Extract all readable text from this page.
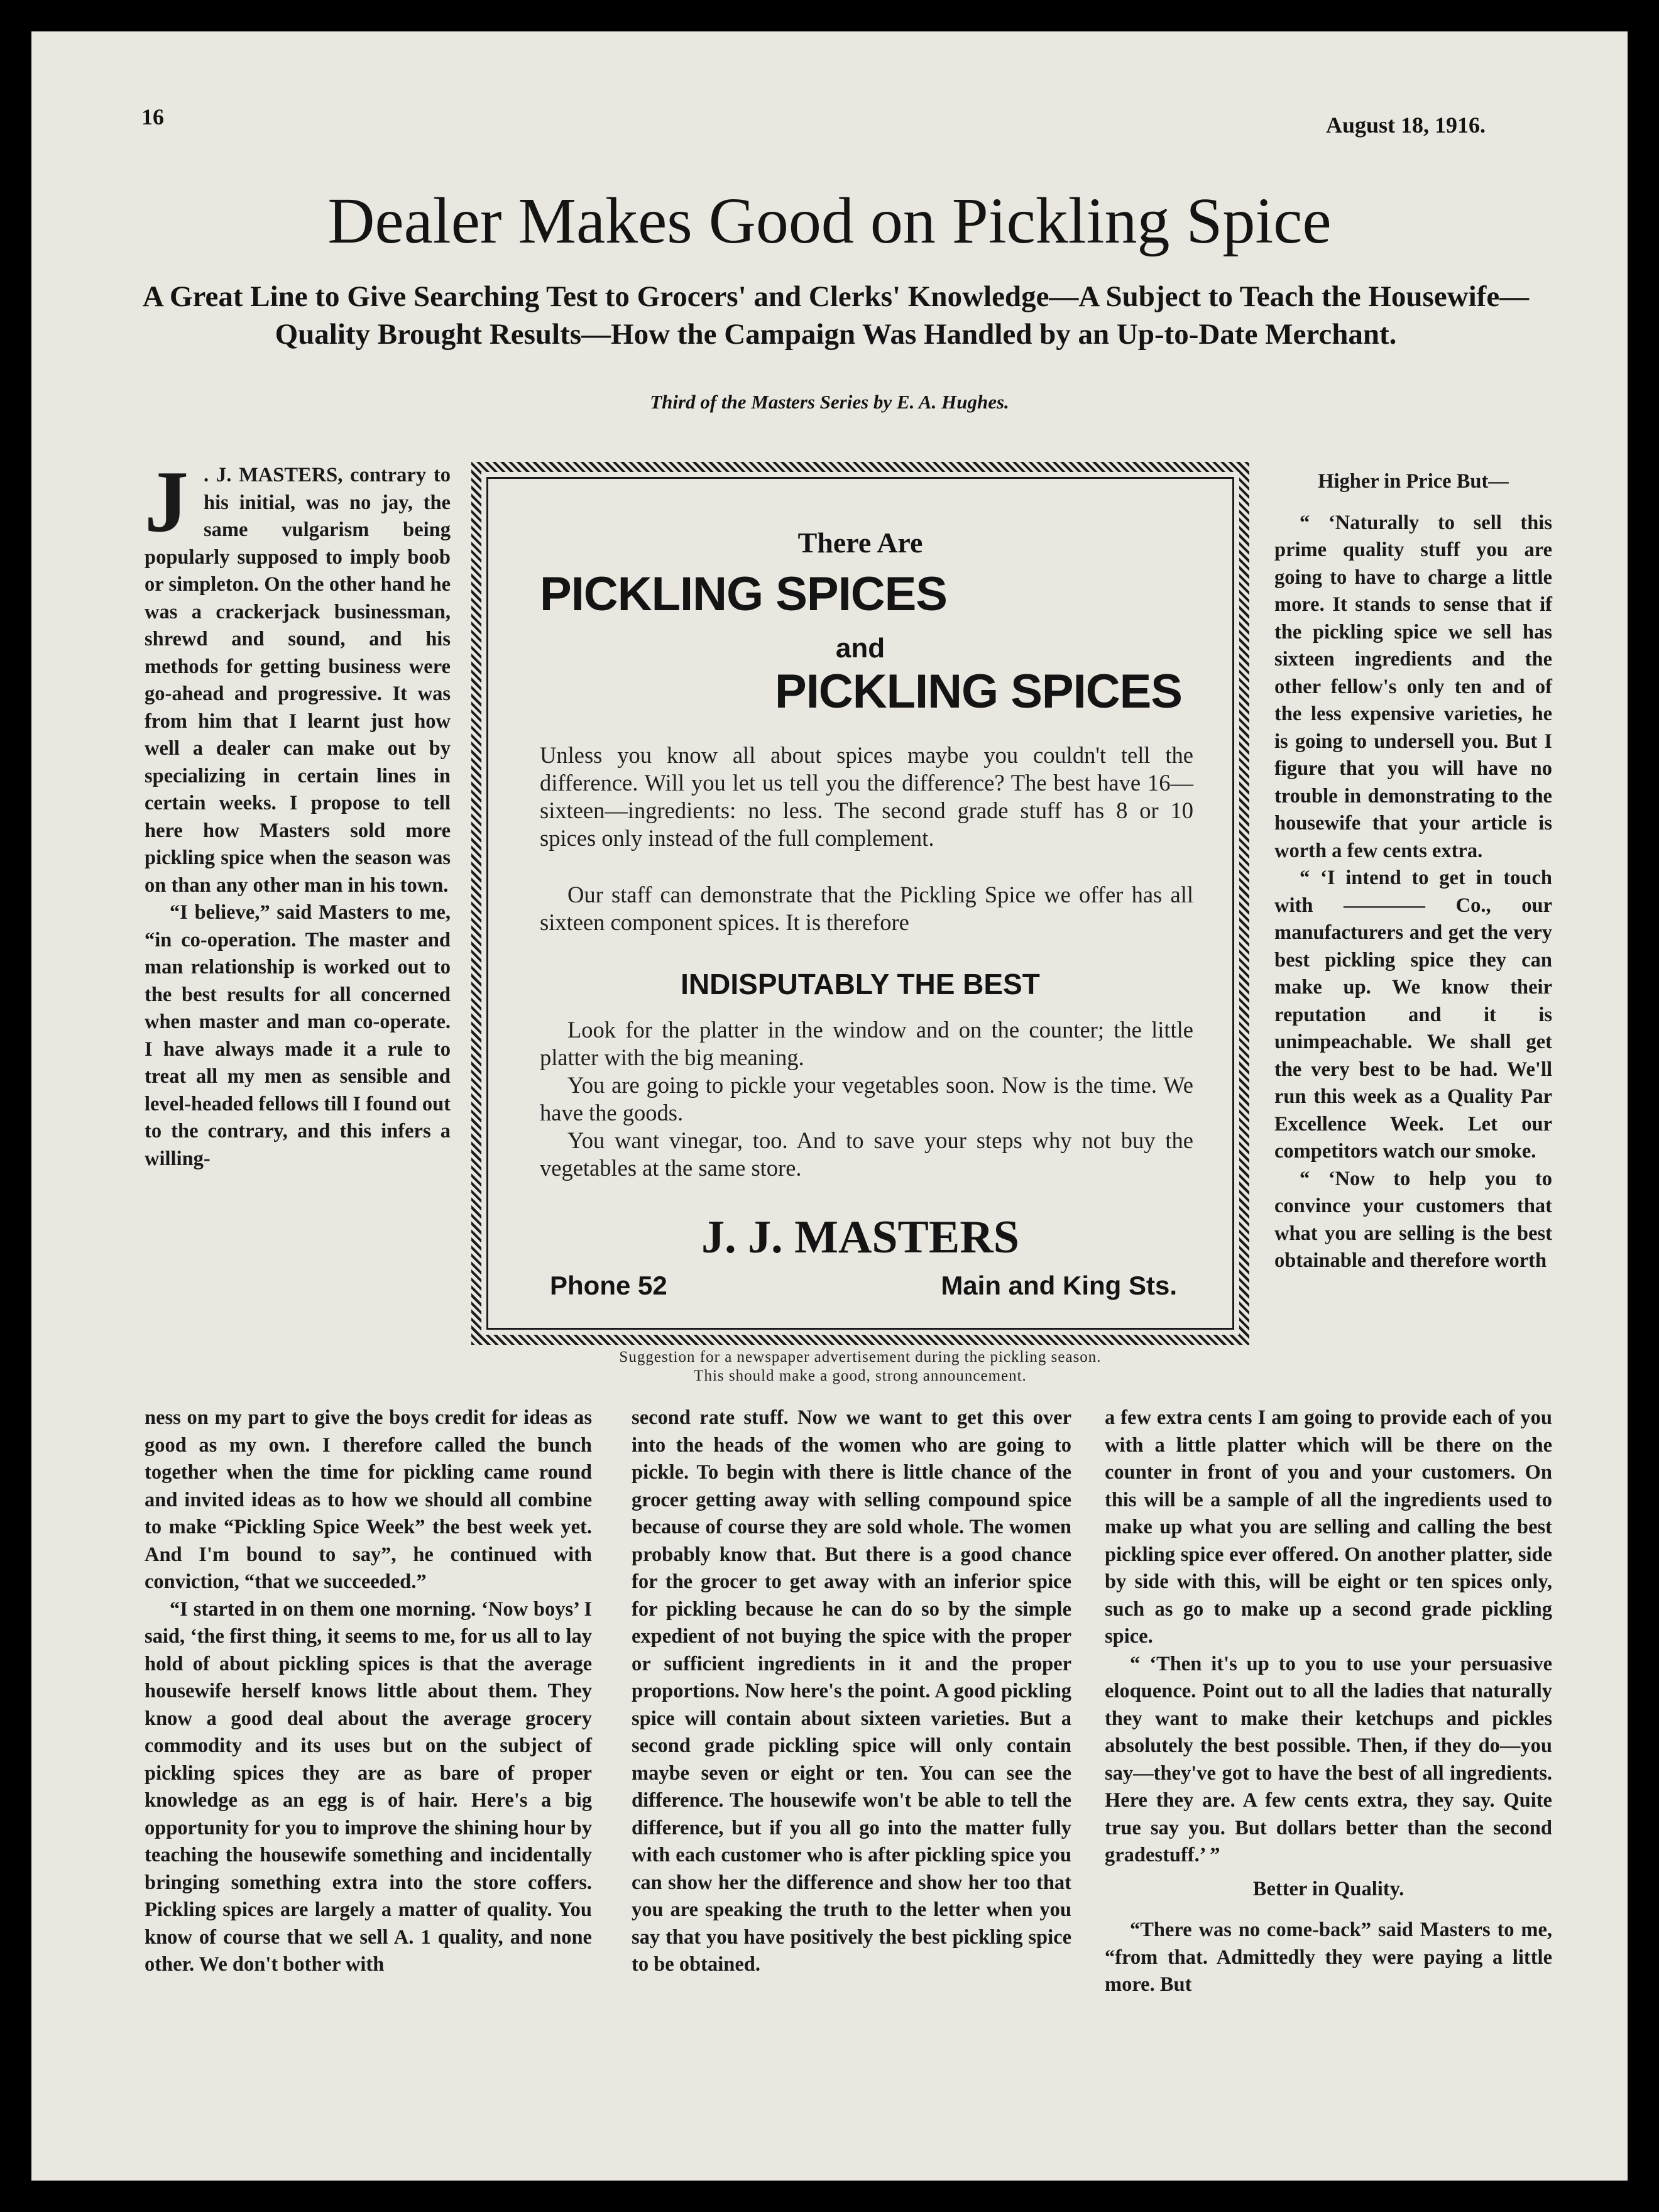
16	August 18, 1916.
Dealer Makes Good on Pickling Spice

A Great Line to Give Searching Test to Grocers' and Clerks' Knowledge—A Subject to Teach the Housewife—Quality Brought Results—How the Campaign Was Handled by an Up-to-Date Merchant.

Third of the Masters Series by E. A. Hughes.
J . J. MASTERS, contrary to his initial, was no jay, the same vulgarism being popularly supposed to imply boob or simpleton. On the other hand he was a crackerjack businessman, shrewd and sound, and his methods for getting business were go-ahead and progressive. It was from him that I learnt just how well a dealer can make out by specializing in certain lines in certain weeks. I propose to tell here how Masters sold more pickling spice when the season was on than any other man in his town.

“I believe,” said Masters to me, “in co-operation. The master and man relationship is worked out to the best results for all concerned when master and man co-operate. I have always made it a rule to treat all my men as sensible and level-headed fellows till I found out to the contrary, and this infers a willing-

There Are
PICKLING SPICES
and
PICKLING SPICES

Unless you know all about spices maybe you couldn't tell the difference. Will you let us tell you the difference? The best have 16—sixteen—ingredients: no less. The second grade stuff has 8 or 10 spices only instead of the full complement.

Our staff can demonstrate that the Pickling Spice we offer has all sixteen component spices. It is therefore

INDISPUTABLY THE BEST

Look for the platter in the window and on the counter; the little platter with the big meaning.

You are going to pickle your vegetables soon. Now is the time. We have the goods.

You want vinegar, too. And to save your steps why not buy the vegetables at the same store.

J. J. MASTERS
Phone 52	Main and King Sts.
Suggestion for a newspaper advertisement during the pickling season.
This should make a good, strong announcement.

Higher in Price But—

“ ‘Naturally to sell this prime quality stuff you are going to have to charge a little more. It stands to sense that if the pickling spice we sell has sixteen ingredients and the other fellow's only ten and of the less expensive varieties, he is going to undersell you. But I figure that you will have no trouble in demonstrating to the housewife that your article is worth a few cents extra.

“ ‘I intend to get in touch with ———— Co., our manufacturers and get the very best pickling spice they can make up. We know their reputation and it is unimpeachable. We shall get the very best to be had. We'll run this week as a Quality Par Excellence Week. Let our competitors watch our smoke.

“ ‘Now to help you to convince your customers that what you are selling is the best obtainable and therefore worth

ness on my part to give the boys credit for ideas as good as my own. I therefore called the bunch together when the time for pickling came round and invited ideas as to how we should all combine to make “Pickling Spice Week” the best week yet. And I'm bound to say”, he continued with conviction, “that we succeeded.”

“I started in on them one morning. ‘Now boys’ I said, ‘the first thing, it seems to me, for us all to lay hold of about pickling spices is that the average housewife herself knows little about them. They know a good deal about the average grocery commodity and its uses but on the subject of pickling spices they are as bare of proper knowledge as an egg is of hair. Here's a big opportunity for you to improve the shining hour by teaching the housewife something and incidentally bringing something extra into the store coffers. Pickling spices are largely a matter of quality. You know of course that we sell A. 1 quality, and none other. We don't bother with

second rate stuff. Now we want to get this over into the heads of the women who are going to pickle. To begin with there is little chance of the grocer getting away with selling compound spice because of course they are sold whole. The women probably know that. But there is a good chance for the grocer to get away with an inferior spice for pickling because he can do so by the simple expedient of not buying the spice with the proper or sufficient ingredients in it and the proper proportions. Now here's the point. A good pickling spice will contain about sixteen varieties. But a second grade pickling spice will only contain maybe seven or eight or ten. You can see the difference. The housewife won't be able to tell the difference, but if you all go into the matter fully with each customer who is after pickling spice you can show her the difference and show her too that you are speaking the truth to the letter when you say that you have positively the best pickling spice to be obtained.

a few extra cents I am going to provide each of you with a little platter which will be there on the counter in front of you and your customers. On this will be a sample of all the ingredients used to make up what you are selling and calling the best pickling spice ever offered. On another platter, side by side with this, will be eight or ten spices only, such as go to make up a second grade pickling spice.

“ ‘Then it's up to you to use your persuasive eloquence. Point out to all the ladies that naturally they want to make their ketchups and pickles absolutely the best possible. Then, if they do—you say—they've got to have the best of all ingredients. Here they are. A few cents extra, they say. Quite true say you. But dollars better than the second gradestuff.’ ”

Better in Quality.

“There was no come-back” said Masters to me, “from that. Admittedly they were paying a little more. But
